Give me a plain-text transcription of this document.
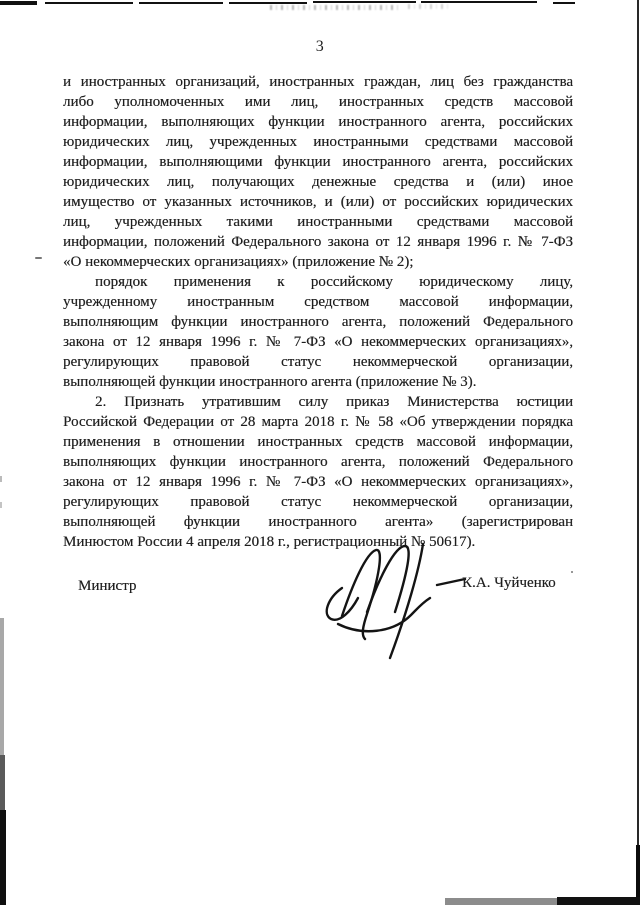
3
и иностранных организаций, иностранных граждан, лиц без гражданства
либо уполномоченных ими лиц, иностранных средств массовой
информации, выполняющих функции иностранного агента, российских
юридических лиц, учрежденных иностранными средствами массовой
информации, выполняющими функции иностранного агента, российских
юридических лиц, получающих денежные средства и (или) иное
имущество от указанных источников, и (или) от российских юридических
лиц, учрежденных такими иностранными средствами массовой
информации, положений Федерального закона от 12 января 1996 г. № 7-ФЗ
«О некоммерческих организациях» (приложение № 2);
порядок применения к российскому юридическому лицу,
учрежденному иностранным средством массовой информации,
выполняющим функции иностранного агента, положений Федерального
закона от 12 января 1996 г. № 7-ФЗ «О некоммерческих организациях»,
регулирующих правовой статус некоммерческой организации,
выполняющей функции иностранного агента (приложение № 3).
2. Признать утратившим силу приказ Министерства юстиции
Российской Федерации от 28 марта 2018 г. № 58 «Об утверждении порядка
применения в отношении иностранных средств массовой информации,
выполняющих функции иностранного агента, положений Федерального
закона от 12 января 1996 г. № 7-ФЗ «О некоммерческих организациях»,
регулирующих правовой статус некоммерческой организации,
выполняющей функции иностранного агента» (зарегистрирован
Минюстом России 4 апреля 2018 г., регистрационный № 50617).
Министр	К.А. Чуйченко
